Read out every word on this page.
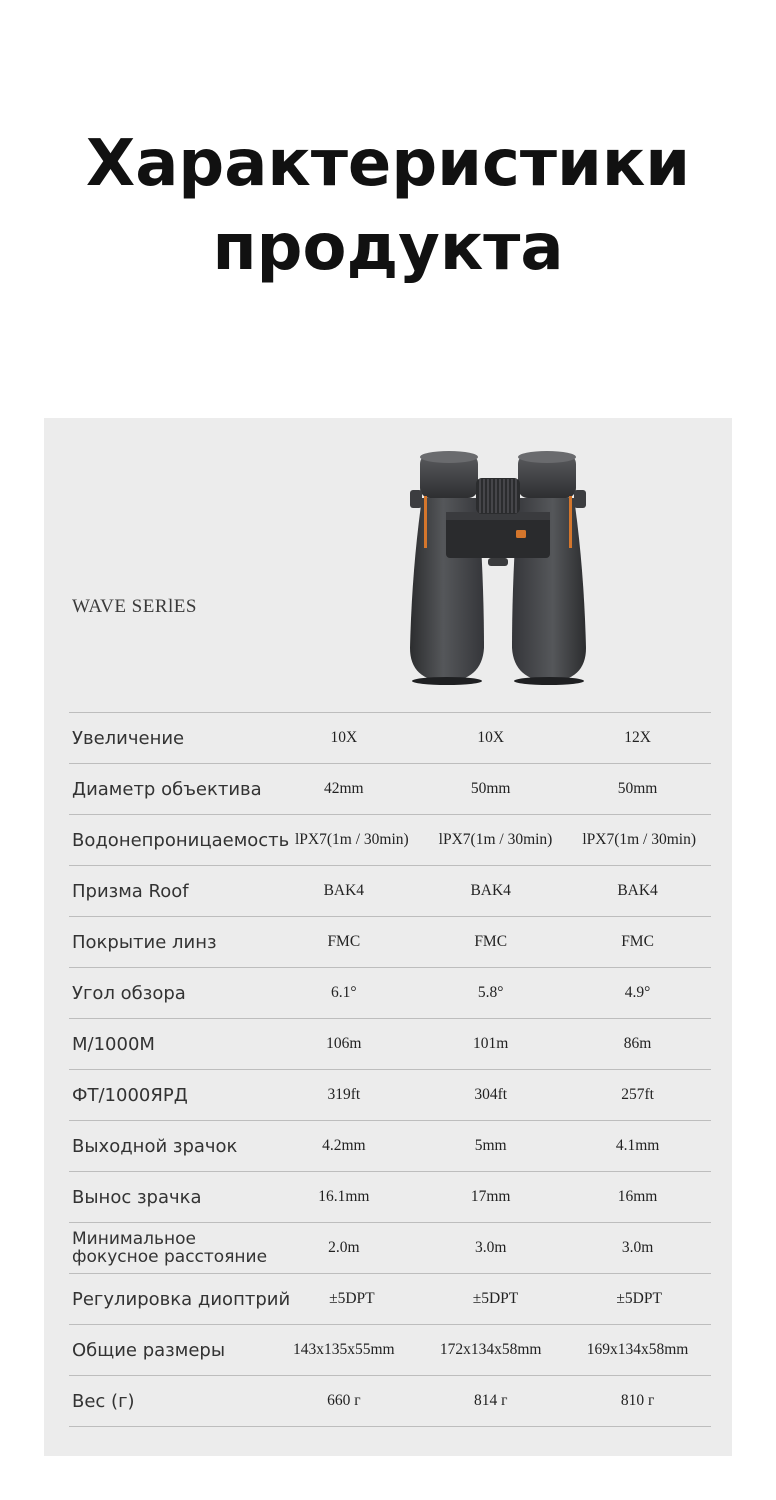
Характеристики
продукта
WAVE SERlES
Увеличение	10X	10X	12X
Диаметр объектива	42mm	50mm	50mm
Водонепроницаемость lPX7(1m / 30min)	lPX7(1m / 30min)	lPX7(1m / 30min)
Призма Roof	BAK4	BAK4	BAK4
Покрытие линз	FMC	FMC	FMC
Угол обзора	6.1°	5.8°	4.9°
M/1000M	106m	101m	86m
ФТ/1000ЯРД	319ft	304ft	257ft
Выходной зрачок	4.2mm	5mm	4.1mm
Вынос зрачка	16.1mm	17mm	16mm
Минимальное
фокусное расстояние	2.0m	3.0m	3.0m
Регулировка диоптрий	±5DPT	±5DPT	±5DPT
Общие размеры	143x135x55mm	172x134x58mm	169x134x58mm
Вес (г)	660 г	814 г	810 г
